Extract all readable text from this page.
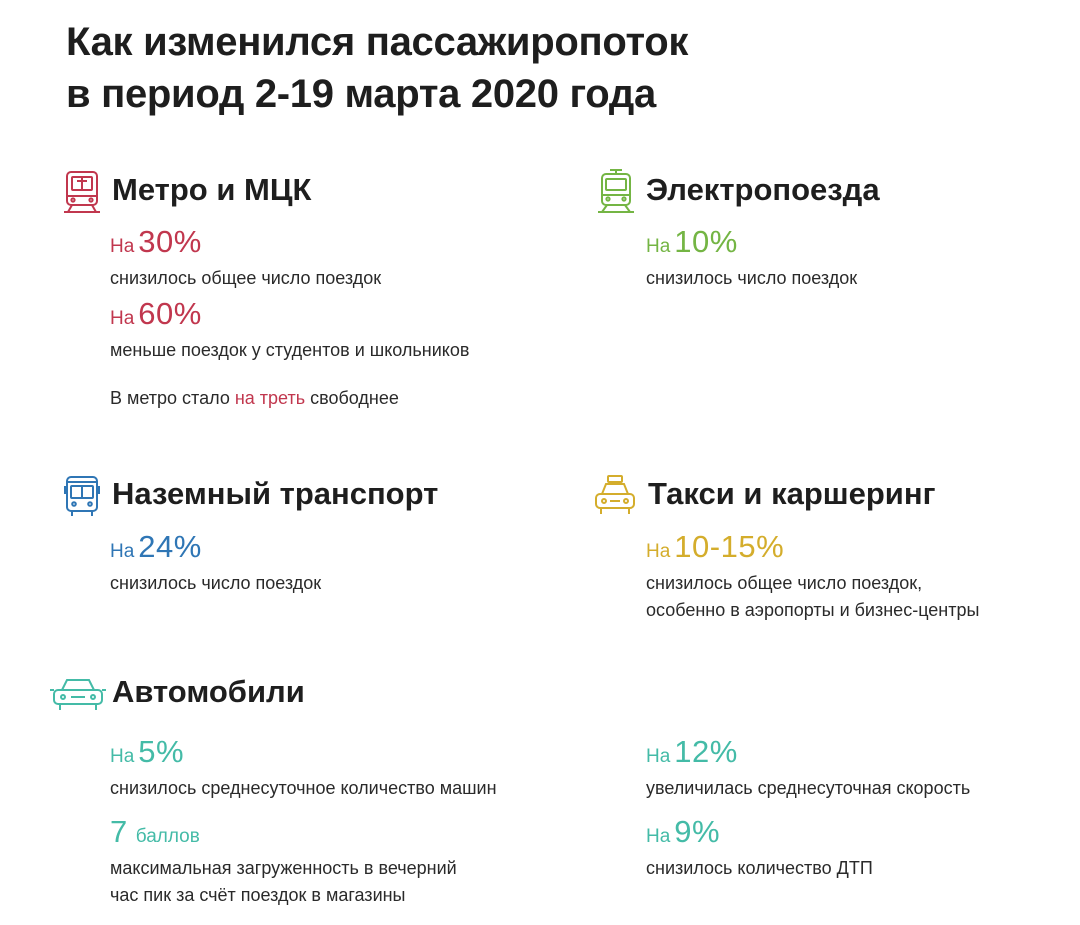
Как изменился пассажиропоток
в период 2-19 марта 2020 года
Метро и МЦК
На 30%
снизилось общее число поездок
На 60%
меньше поездок у студентов и школьников
В метро стало на треть свободнее
Электропоезда
На 10%
снизилось число поездок
Наземный транспорт
На 24%
снизилось число поездок
Такси и каршеринг
На 10-15%
снизилось общее число поездок,
особенно в аэропорты и бизнес-центры
Автомобили
На 5%
снизилось среднесуточное количество машин
7 баллов
максимальная загруженность в вечерний
час пик за счёт поездок в магазины
На 12%
увеличилась среднесуточная скорость
На 9%
снизилось количество ДТП
